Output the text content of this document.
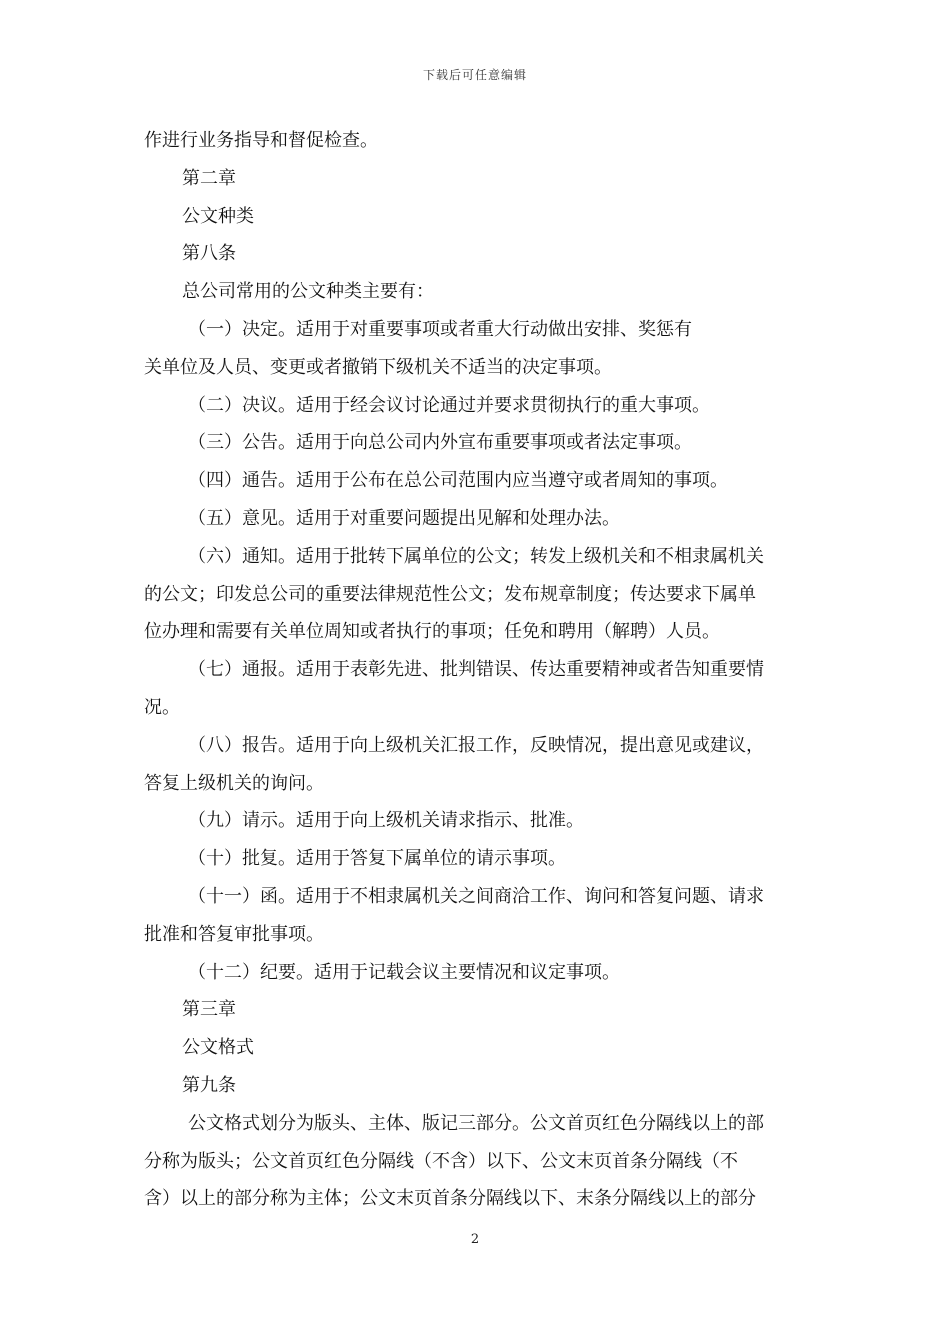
下载后可任意编辑
作进行业务指导和督促检查。
第二章
公文种类
第八条
总公司常用的公文种类主要有：
（一）决定。适用于对重要事项或者重大行动做出安排、奖惩有
关单位及人员、变更或者撤销下级机关不适当的决定事项。
（二）决议。适用于经会议讨论通过并要求贯彻执行的重大事项。
（三）公告。适用于向总公司内外宣布重要事项或者法定事项。
（四）通告。适用于公布在总公司范围内应当遵守或者周知的事项。
（五）意见。适用于对重要问题提出见解和处理办法。
（六）通知。适用于批转下属单位的公文；转发上级机关和不相隶属机关
的公文；印发总公司的重要法律规范性公文；发布规章制度；传达要求下属单
位办理和需要有关单位周知或者执行的事项；任免和聘用（解聘）人员。
（七）通报。适用于表彰先进、批判错误、传达重要精神或者告知重要情
况。
（八）报告。适用于向上级机关汇报工作，反映情况，提出意见或建议，
答复上级机关的询问。
（九）请示。适用于向上级机关请求指示、批准。
（十）批复。适用于答复下属单位的请示事项。
（十一）函。适用于不相隶属机关之间商洽工作、询问和答复问题、请求
批准和答复审批事项。
（十二）纪要。适用于记载会议主要情况和议定事项。
第三章
公文格式
第九条
公文格式划分为版头、主体、版记三部分。公文首页红色分隔线以上的部
分称为版头；公文首页红色分隔线（不含）以下、公文末页首条分隔线（不
含）以上的部分称为主体；公文末页首条分隔线以下、末条分隔线以上的部分
2
